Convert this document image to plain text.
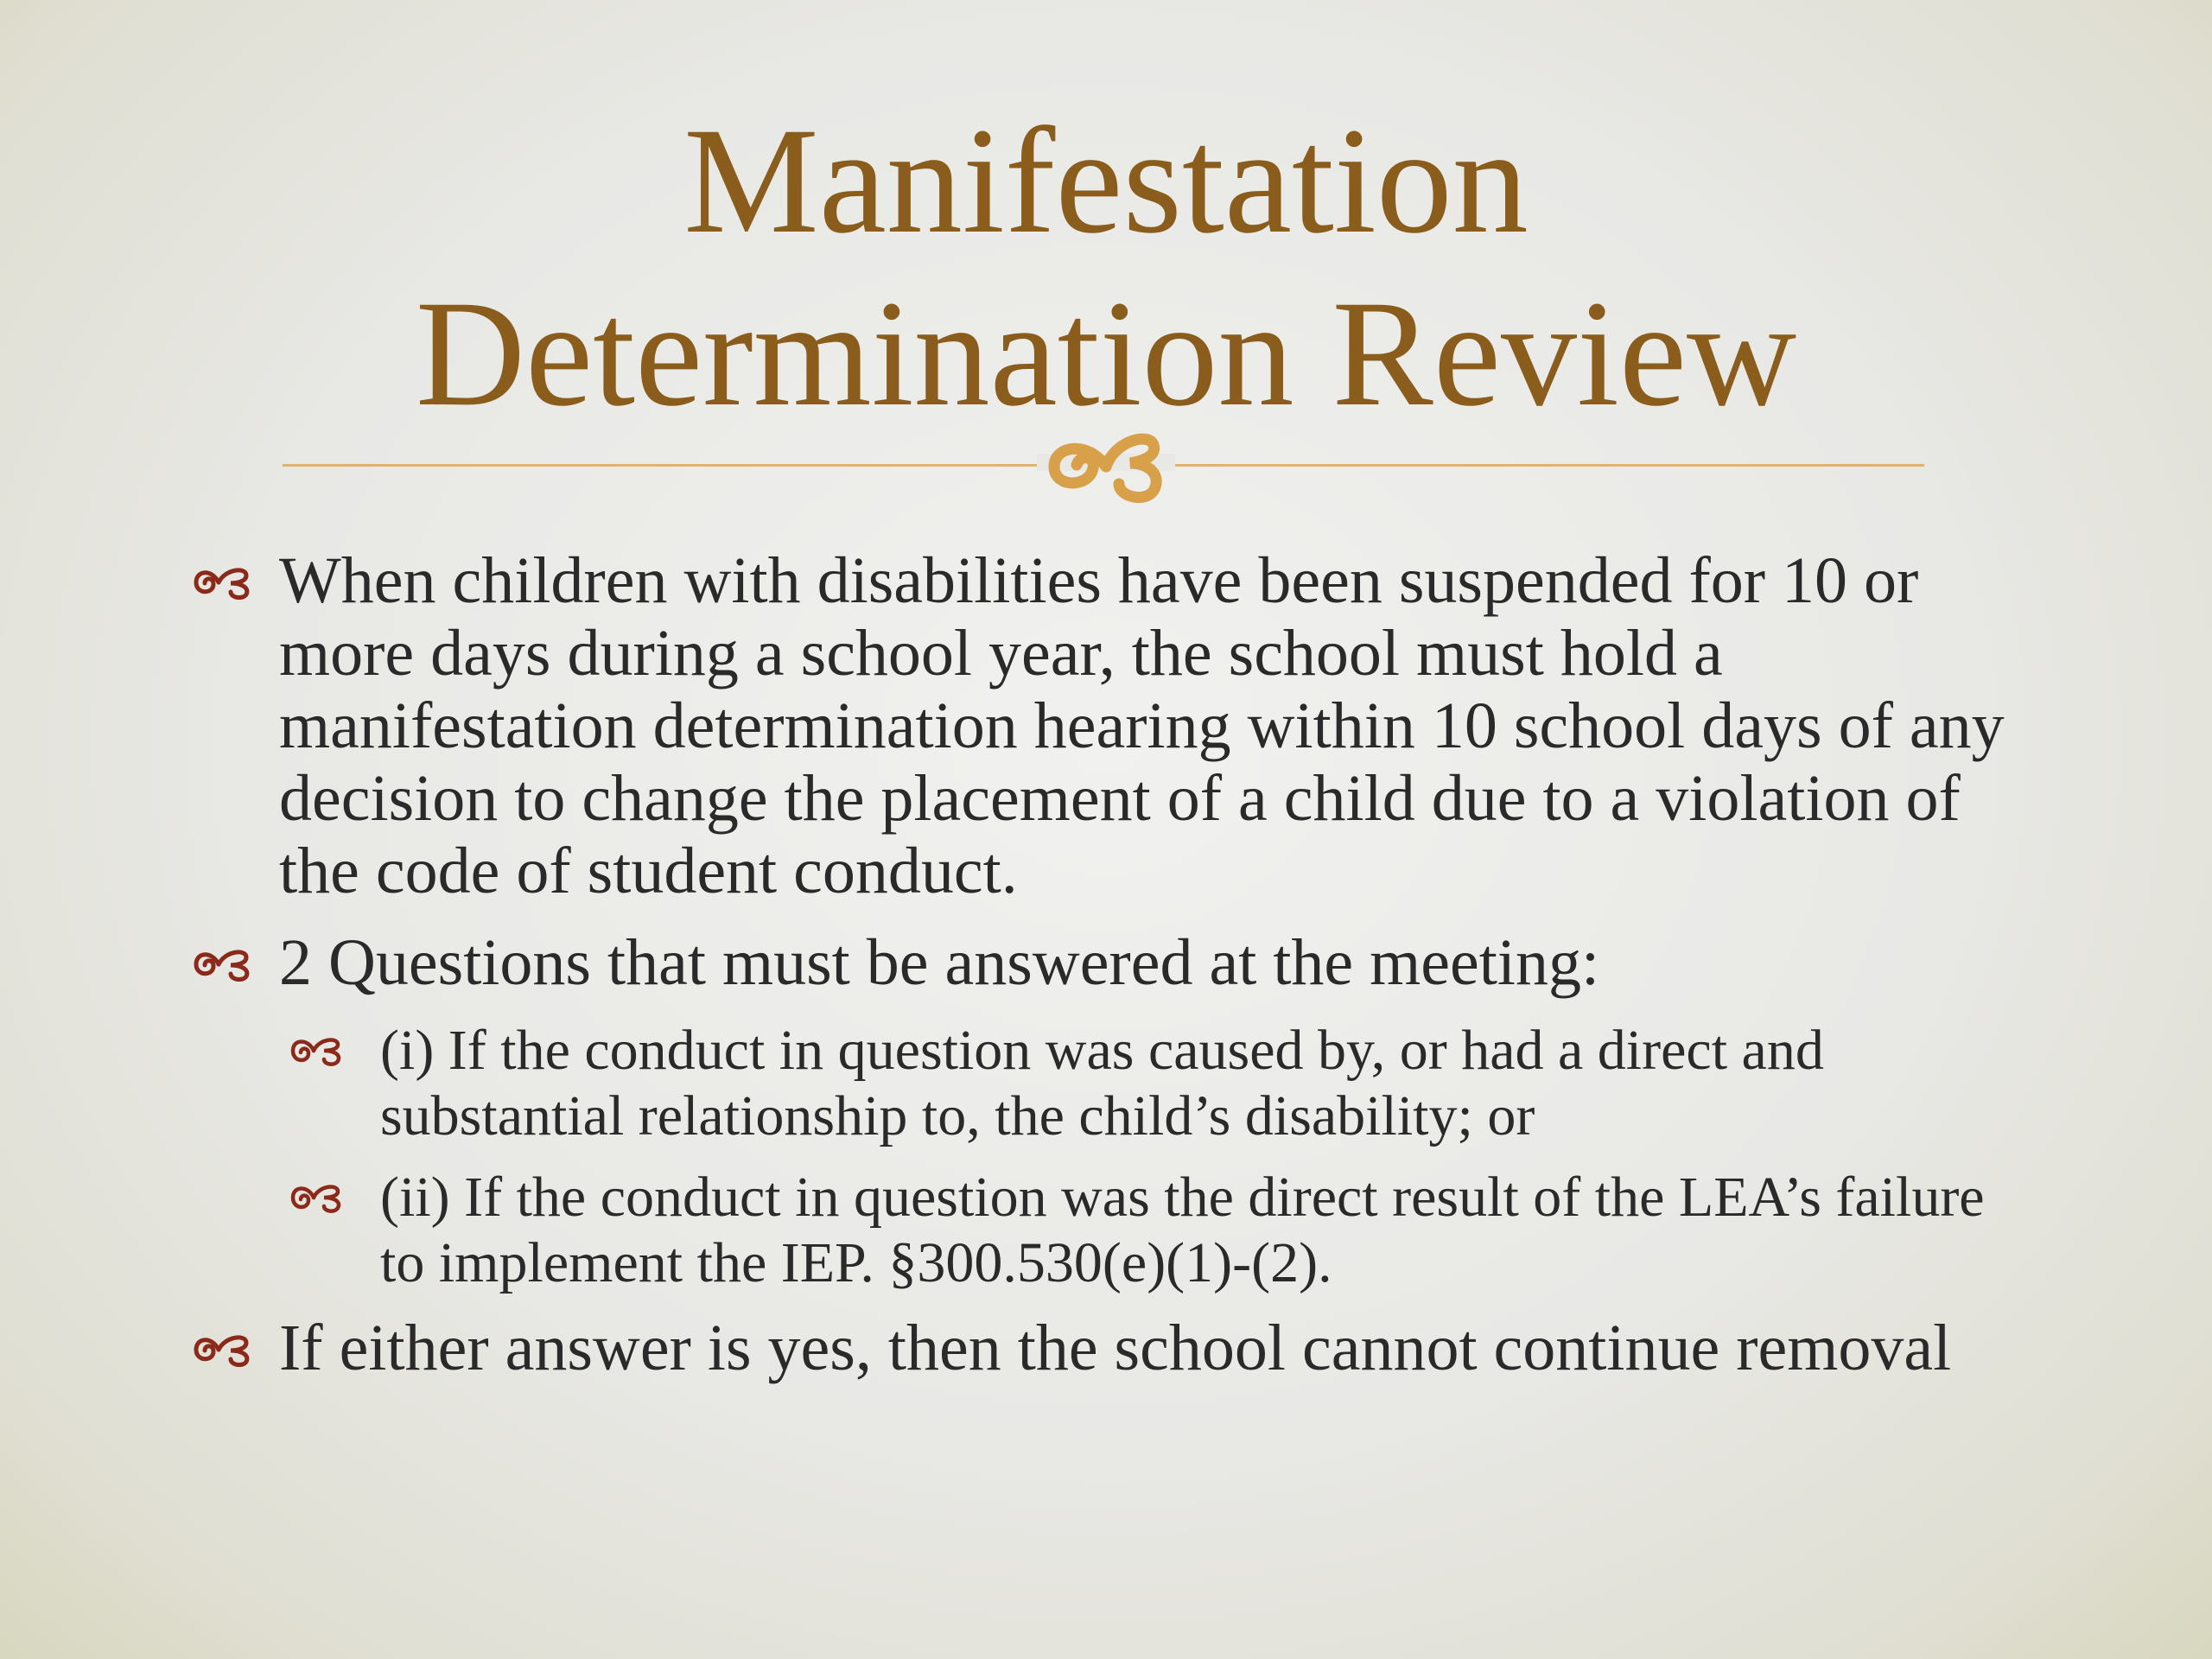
Manifestation
Determination Review
When children with disabilities have been suspended for 10 or more days during a school year, the school must hold a manifestation determination hearing within 10 school days of any decision to change the placement of a child due to a violation of the code of student conduct.
2 Questions that must be answered at the meeting:
(i) If the conduct in question was caused by, or had a direct and substantial relationship to, the child’s disability; or
(ii) If the conduct in question was the direct result of the LEA’s failure to implement the IEP. §300.530(e)(1)-(2).
If either answer is yes, then the school cannot continue removal
